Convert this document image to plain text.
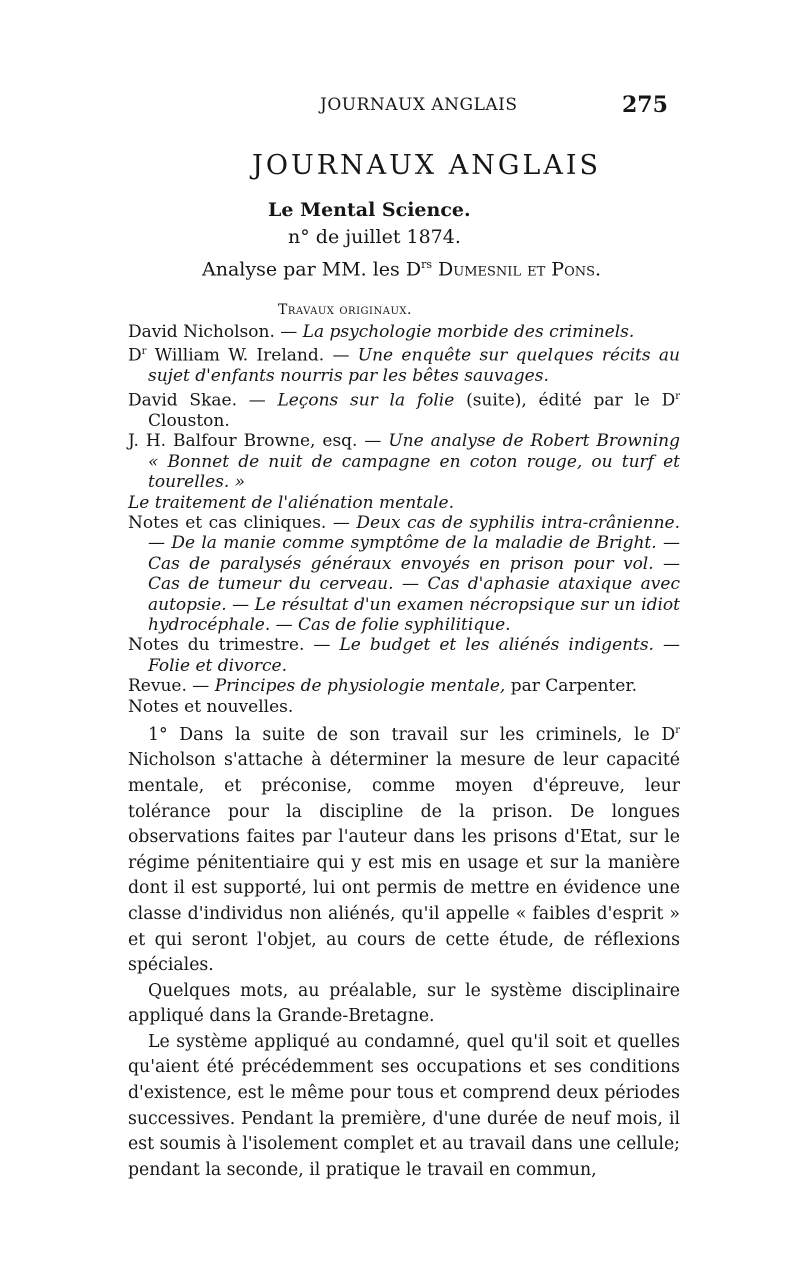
JOURNAUX ANGLAIS	275
JOURNAUX ANGLAIS
Le Mental Science.
n° de juillet 1874.
Analyse par MM. les $D^{rs}$ Dumesnil et Pons.
Travaux originaux.

David Nicholson. — La psychologie morbide des criminels.

$D^r$ William W. Ireland. — Une enquête sur quelques récits au sujet d'enfants nourris par les bêtes sauvages.

David Skae. — Leçons sur la folie (suite), édité par le $D^r$ Clouston.

J. H. Balfour Browne, esq. — Une analyse de Robert Browning « Bonnet de nuit de campagne en coton rouge, ou turf et tourelles. »

Le traitement de l'aliénation mentale.

Notes et cas cliniques. — Deux cas de syphilis intra-crânienne. — De la manie comme symptôme de la maladie de Bright. — Cas de paralysés généraux envoyés en prison pour vol. — Cas de tumeur du cerveau. — Cas d'aphasie ataxique avec autopsie. — Le résultat d'un examen nécropsique sur un idiot hydrocéphale. — Cas de folie syphilitique.

Notes du trimestre. — Le budget et les aliénés indigents. — Folie et divorce.

Revue. — Principes de physiologie mentale, par Carpenter.

Notes et nouvelles.

1° Dans la suite de son travail sur les criminels, le $D^r$ Nicholson s'attache à déterminer la mesure de leur capacité mentale, et préconise, comme moyen d'épreuve, leur tolérance pour la discipline de la prison. De longues observations faites par l'auteur dans les prisons d'Etat, sur le régime pénitentiaire qui y est mis en usage et sur la manière dont il est supporté, lui ont permis de mettre en évidence une classe d'individus non aliénés, qu'il appelle « faibles d'esprit » et qui seront l'objet, au cours de cette étude, de réflexions spéciales.

Quelques mots, au préalable, sur le système disciplinaire appliqué dans la Grande-Bretagne.

Le système appliqué au condamné, quel qu'il soit et quelles qu'aient été précédemment ses occupations et ses conditions d'existence, est le même pour tous et comprend deux périodes successives. Pendant la première, d'une durée de neuf mois, il est soumis à l'isolement complet et au travail dans une cellule; pendant la seconde, il pratique le travail en commun,
